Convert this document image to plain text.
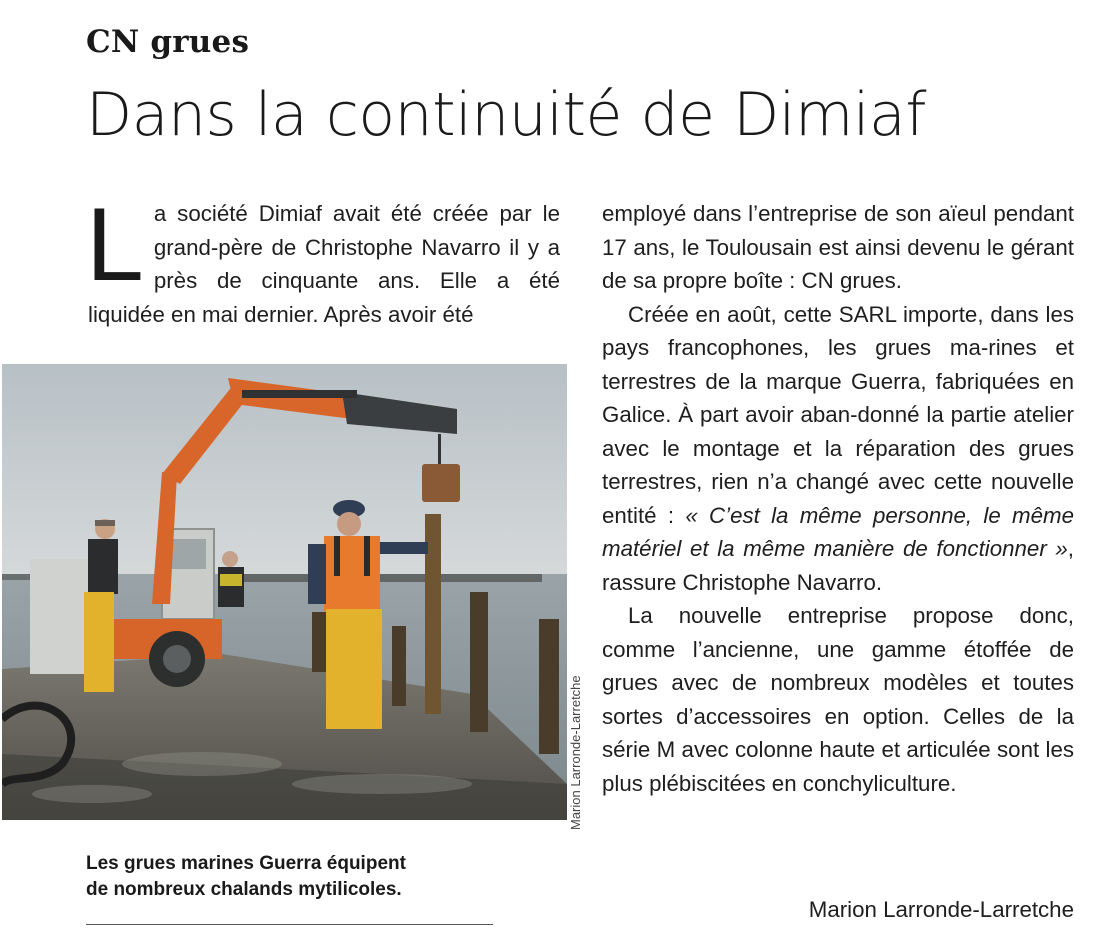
CN grues
Dans la continuité de Dimiaf

La société Dimiaf avait été créée par le grand-père de Christophe Navarro il y a près de cinquante ans. Elle a été liquidée en mai dernier. Après avoir été

Marion Larronde-Larretche
Les grues marines Guerra équipent
de nombreux chalands mytilicoles.

employé dans l’entreprise de son aïeul pendant 17 ans, le Toulousain est ainsi devenu le gérant de sa propre boîte : CN grues.

Créée en août, cette SARL importe, dans les pays francophones, les grues ma-rines et terrestres de la marque Guerra, fabriquées en Galice. À part avoir aban-donné la partie atelier avec le montage et la réparation des grues terrestres, rien n’a changé avec cette nouvelle entité : « C’est la même personne, le même matériel et la même manière de fonctionner », rassure Christophe Navarro.

La nouvelle entreprise propose donc, comme l’ancienne, une gamme étoffée de grues avec de nombreux modèles et toutes sortes d’accessoires en option. Celles de la série M avec colonne haute et articulée sont les plus plébiscitées en conchyliculture.

Marion Larronde-Larretche
